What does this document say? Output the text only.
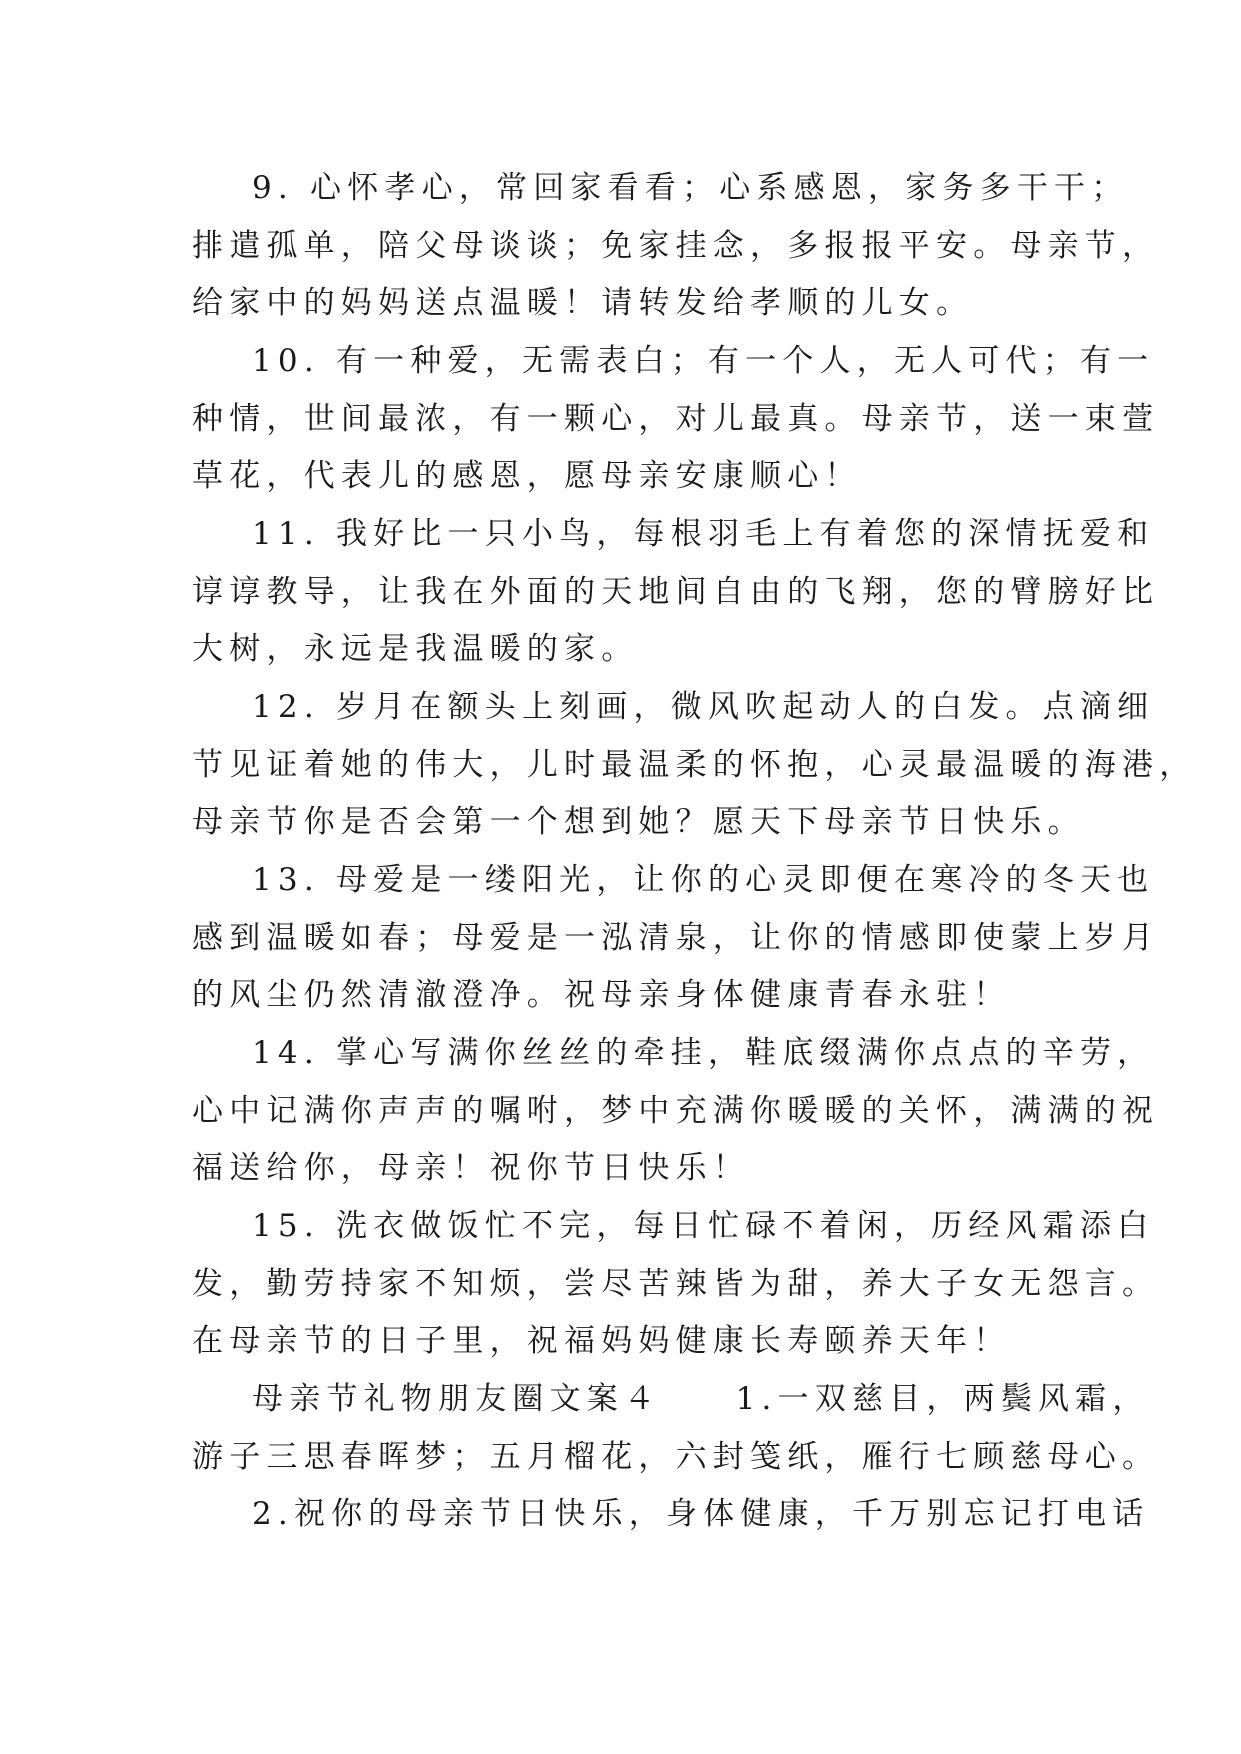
9. 心怀孝心，常回家看看；心系感恩，家务多干干；
排遣孤单，陪父母谈谈；免家挂念，多报报平安。母亲节，
给家中的妈妈送点温暖！请转发给孝顺的儿女。
10. 有一种爱，无需表白；有一个人，无人可代；有一
种情，世间最浓，有一颗心，对儿最真。母亲节，送一束萱
草花，代表儿的感恩，愿母亲安康顺心！
11. 我好比一只小鸟，每根羽毛上有着您的深情抚爱和
谆谆教导，让我在外面的天地间自由的飞翔，您的臂膀好比
大树，永远是我温暖的家。
12. 岁月在额头上刻画，微风吹起动人的白发。点滴细
节见证着她的伟大，儿时最温柔的怀抱，心灵最温暖的海港，
母亲节你是否会第一个想到她？愿天下母亲节日快乐。
13. 母爱是一缕阳光，让你的心灵即便在寒冷的冬天也
感到温暖如春；母爱是一泓清泉，让你的情感即使蒙上岁月
的风尘仍然清澈澄净。祝母亲身体健康青春永驻！
14. 掌心写满你丝丝的牵挂，鞋底缀满你点点的辛劳，
心中记满你声声的嘱咐，梦中充满你暖暖的关怀，满满的祝
福送给你，母亲！祝你节日快乐！
15. 洗衣做饭忙不完，每日忙碌不着闲，历经风霜添白
发，勤劳持家不知烦，尝尽苦辣皆为甜，养大子女无怨言。
在母亲节的日子里，祝福妈妈健康长寿颐养天年！
母亲节礼物朋友圈文案４　　1.一双慈目，两鬓风霜，
游子三思春晖梦；五月榴花，六封笺纸，雁行七顾慈母心。
2.祝你的母亲节日快乐，身体健康，千万别忘记打电话
